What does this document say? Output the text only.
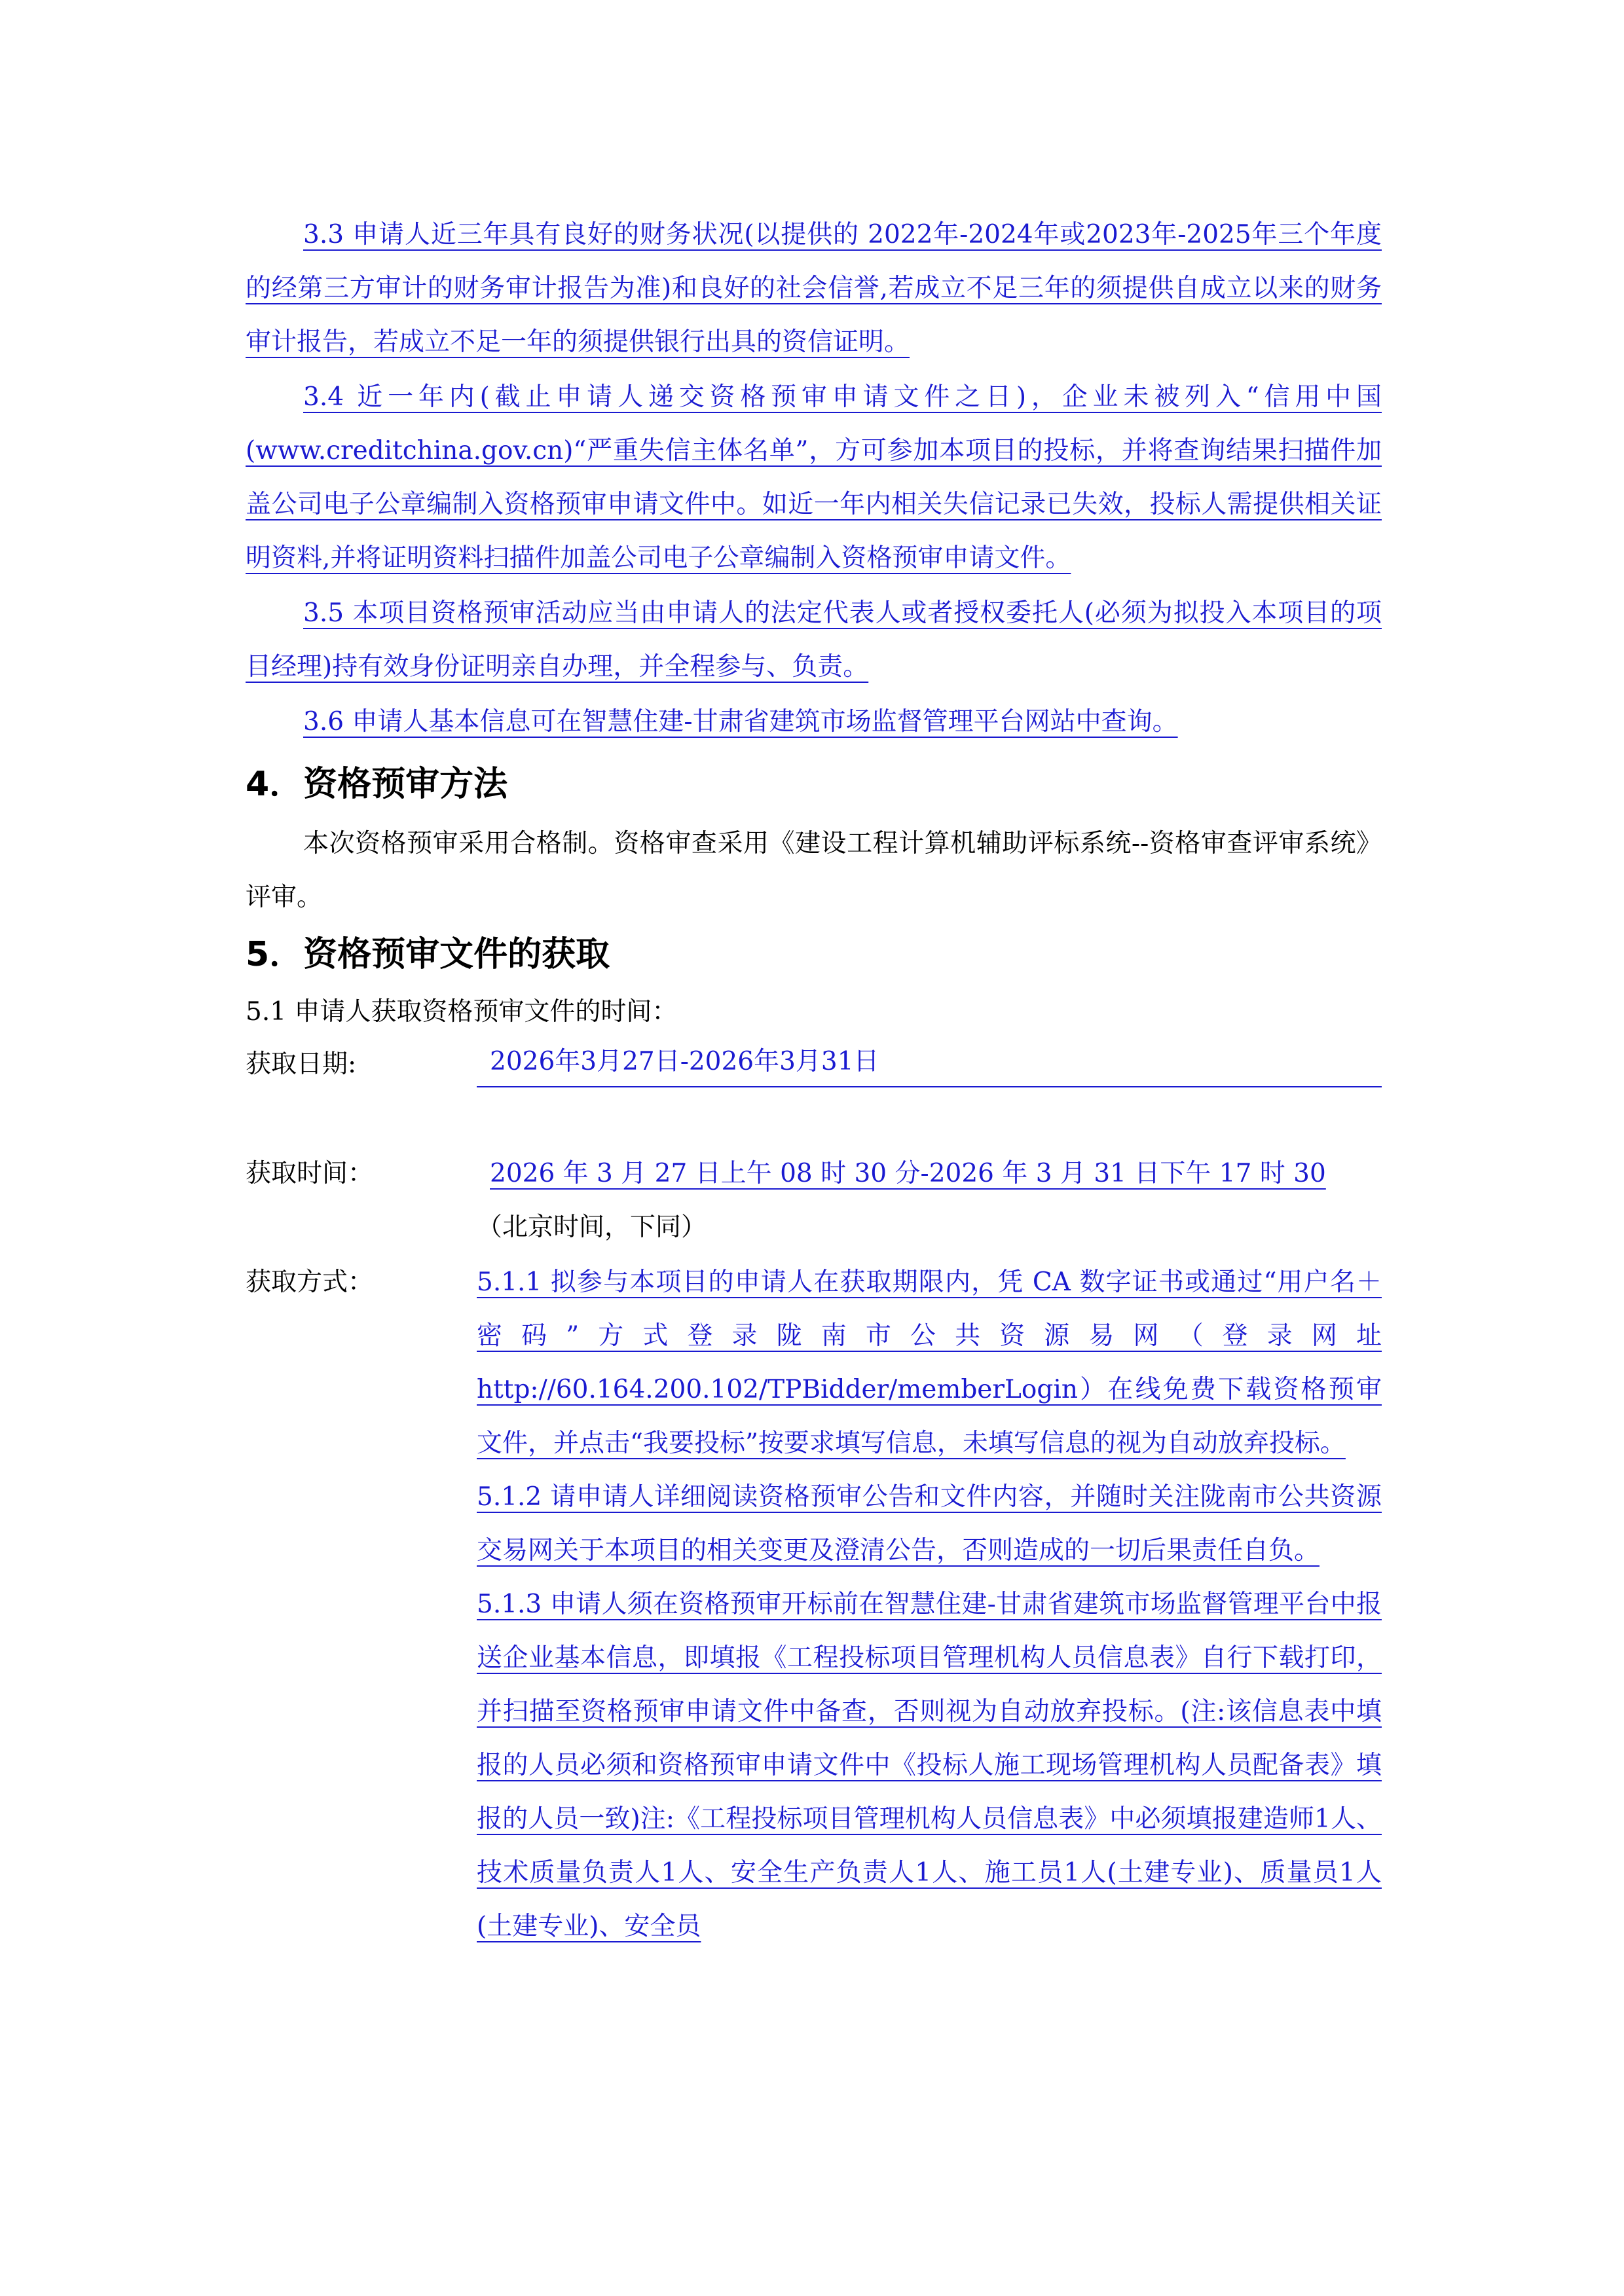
3.3 申请人近三年具有良好的财务状况(以提供的 2022年-2024年或2023年-2025年三个年度的经第三方审计的财务审计报告为准)和良好的社会信誉,若成立不足三年的须提供自成立以来的财务审计报告，若成立不足一年的须提供银行出具的资信证明。

3.4 近一年内(截止申请人递交资格预审申请文件之日)，企业未被列入“信用中国(www.creditchina.gov.cn)“严重失信主体名单”，方可参加本项目的投标，并将查询结果扫描件加盖公司电子公章编制入资格预审申请文件中。如近一年内相关失信记录已失效，投标人需提供相关证明资料,并将证明资料扫描件加盖公司电子公章编制入资格预审申请文件。

3.5 本项目资格预审活动应当由申请人的法定代表人或者授权委托人(必须为拟投入本项目的项目经理)持有效身份证明亲自办理，并全程参与、负责。

3.6 申请人基本信息可在智慧住建-甘肃省建筑市场监督管理平台网站中查询。

4．资格预审方法

本次资格预审采用合格制。资格审查采用《建设工程计算机辅助评标系统--资格审查评审系统》评审。

5．资格预审文件的获取

5.1 申请人获取资格预审文件的时间：

获取日期:	2026年3月27日-2026年3月31日

获取时间：	2026 年 3 月 27 日上午 08 时 30 分-2026 年 3 月 31 日下午 17 时 30
（北京时间，下同）

获取方式：	5.1.1 拟参与本项目的申请人在获取期限内，凭 CA 数字证书或通过“用户名＋密码”方式登录陇南市公共资源易网（登录网址 http://60.164.200.102/TPBidder/memberLogin）在线免费下载资格预审文件，并点击“我要投标”按要求填写信息，未填写信息的视为自动放弃投标。
5.1.2 请申请人详细阅读资格预审公告和文件内容，并随时关注陇南市公共资源交易网关于本项目的相关变更及澄清公告，否则造成的一切后果责任自负。
5.1.3 申请人须在资格预审开标前在智慧住建-甘肃省建筑市场监督管理平台中报送企业基本信息，即填报《工程投标项目管理机构人员信息表》自行下载打印，并扫描至资格预审申请文件中备查，否则视为自动放弃投标。(注:该信息表中填报的人员必须和资格预审申请文件中《投标人施工现场管理机构人员配备表》填报的人员一致)注:《工程投标项目管理机构人员信息表》中必须填报建造师1人、技术质量负责人1人、安全生产负责人1人、施工员1人(土建专业)、质量员1人(土建专业)、安全员
